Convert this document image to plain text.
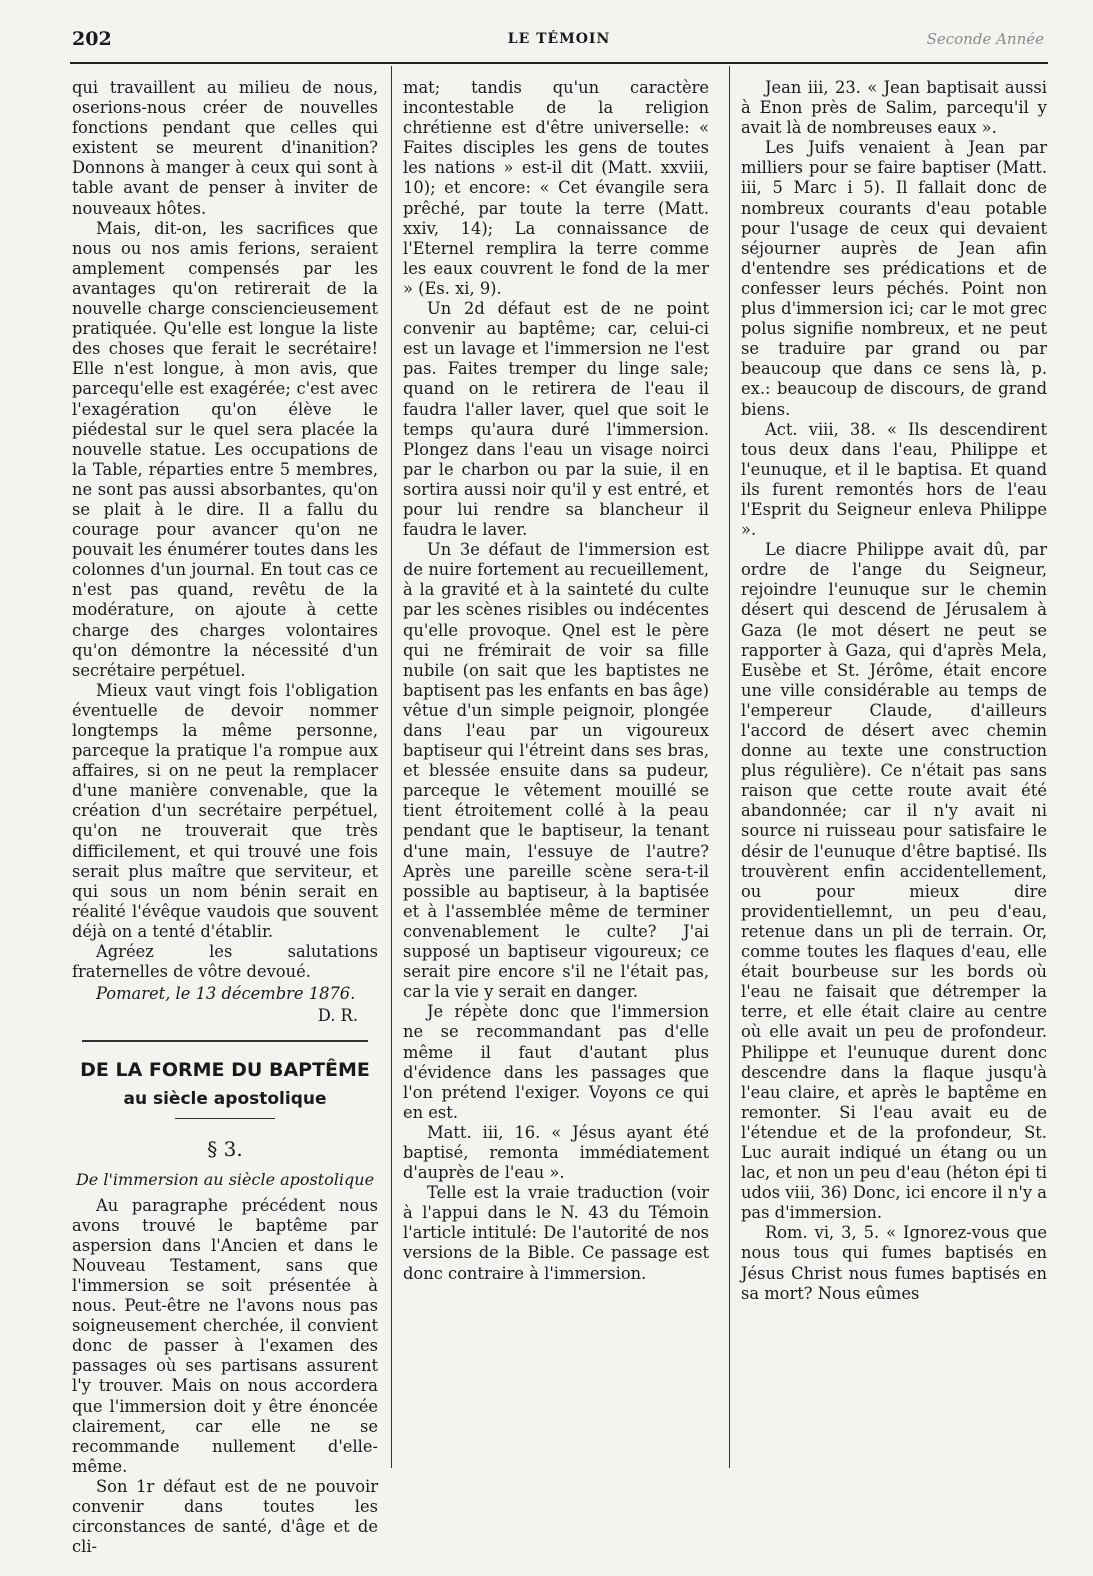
202	LE TÉMOIN	Seconde Année

qui travaillent au milieu de nous, oserions-nous créer de nouvelles fonctions pendant que celles qui existent se meurent d'inanition? Donnons à manger à ceux qui sont à table avant de penser à inviter de nouveaux hôtes.

Mais, dit-on, les sacrifices que nous ou nos amis ferions, seraient amplement compensés par les avantages qu'on retirerait de la nouvelle charge consciencieusement pratiquée. Qu'elle est longue la liste des choses que ferait le secrétaire! Elle n'est longue, à mon avis, que parcequ'elle est exagérée; c'est avec l'exagération qu'on élève le piédestal sur le quel sera placée la nouvelle statue. Les occupations de la Table, réparties entre 5 membres, ne sont pas aussi absorbantes, qu'on se plait à le dire. Il a fallu du courage pour avancer qu'on ne pouvait les énumérer toutes dans les colonnes d'un journal. En tout cas ce n'est pas quand, revêtu de la modérature, on ajoute à cette charge des charges volontaires qu'on démontre la nécessité d'un secrétaire perpétuel.

Mieux vaut vingt fois l'obligation éventuelle de devoir nommer longtemps la même personne, parceque la pratique l'a rompue aux affaires, si on ne peut la remplacer d'une manière convenable, que la création d'un secrétaire perpétuel, qu'on ne trouverait que très difficilement, et qui trouvé une fois serait plus maître que serviteur, et qui sous un nom bénin serait en réalité l'évêque vaudois que souvent déjà on a tenté d'établir.

Agréez les salutations fraternelles de vôtre devoué.

Pomaret, le 13 décembre 1876.

D. R.
DE LA FORME DU BAPTÊME
au siècle apostolique
§ 3.
De l'immersion au siècle apostolique

Au paragraphe précédent nous avons trouvé le baptême par aspersion dans l'Ancien et dans le Nouveau Testament, sans que l'immersion se soit présentée à nous. Peut-être ne l'avons nous pas soigneusement cherchée, il convient donc de passer à l'examen des passages où ses partisans assurent l'y trouver. Mais on nous accordera que l'immersion doit y être énoncée clairement, car elle ne se recommande nullement d'elle-même.

Son 1r défaut est de ne pouvoir convenir dans toutes les circonstances de santé, d'âge et de cli-

mat; tandis qu'un caractère incontestable de la religion chrétienne est d'être universelle: « Faites disciples les gens de toutes les nations » est-il dit (Matt. xxviii, 10); et encore: « Cet évangile sera prêché, par toute la terre (Matt. xxiv, 14); La connaissance de l'Eternel remplira la terre comme les eaux couvrent le fond de la mer » (Es. xi, 9).

Un 2d défaut est de ne point convenir au baptême; car, celui-ci est un lavage et l'immersion ne l'est pas. Faites tremper du linge sale; quand on le retirera de l'eau il faudra l'aller laver, quel que soit le temps qu'aura duré l'immersion. Plongez dans l'eau un visage noirci par le charbon ou par la suie, il en sortira aussi noir qu'il y est entré, et pour lui rendre sa blancheur il faudra le laver.

Un 3e défaut de l'immersion est de nuire fortement au recueillement, à la gravité et à la sainteté du culte par les scènes risibles ou indécentes qu'elle provoque. Qnel est le père qui ne frémirait de voir sa fille nubile (on sait que les baptistes ne baptisent pas les enfants en bas âge) vêtue d'un simple peignoir, plongée dans l'eau par un vigoureux baptiseur qui l'étreint dans ses bras, et blessée ensuite dans sa pudeur, parceque le vêtement mouillé se tient étroitement collé à la peau pendant que le baptiseur, la tenant d'une main, l'essuye de l'autre? Après une pareille scène sera-t-il possible au baptiseur, à la baptisée et à l'assemblée même de terminer convenablement le culte? J'ai supposé un baptiseur vigoureux; ce serait pire encore s'il ne l'était pas, car la vie y serait en danger.

Je répète donc que l'immersion ne se recommandant pas d'elle même il faut d'autant plus d'évidence dans les passages que l'on prétend l'exiger. Voyons ce qui en est.

Matt. iii, 16. « Jésus ayant été baptisé, remonta immédiatement d'auprès de l'eau ».

Telle est la vraie traduction (voir à l'appui dans le N. 43 du Témoin l'article intitulé: De l'autorité de nos versions de la Bible. Ce passage est donc contraire à l'immersion.

Jean iii, 23. « Jean baptisait aussi à Enon près de Salim, parcequ'il y avait là de nombreuses eaux ».

Les Juifs venaient à Jean par milliers pour se faire baptiser (Matt. iii, 5 Marc i 5). Il fallait donc de nombreux courants d'eau potable pour l'usage de ceux qui devaient séjourner auprès de Jean afin d'entendre ses prédications et de confesser leurs péchés. Point non plus d'immersion ici; car le mot grec polus signifie nombreux, et ne peut se traduire par grand ou par beaucoup que dans ce sens là, p. ex.: beaucoup de discours, de grand biens.

Act. viii, 38. « Ils descendirent tous deux dans l'eau, Philippe et l'eunuque, et il le baptisa. Et quand ils furent remontés hors de l'eau l'Esprit du Seigneur enleva Philippe ».

Le diacre Philippe avait dû, par ordre de l'ange du Seigneur, rejoindre l'eunuque sur le chemin désert qui descend de Jérusalem à Gaza (le mot désert ne peut se rapporter à Gaza, qui d'après Mela, Eusèbe et St. Jérôme, était encore une ville considérable au temps de l'empereur Claude, d'ailleurs l'accord de désert avec chemin donne au texte une construction plus régulière). Ce n'était pas sans raison que cette route avait été abandonnée; car il n'y avait ni source ni ruisseau pour satisfaire le désir de l'eunuque d'être baptisé. Ils trouvèrent enfin accidentellement, ou pour mieux dire providentiellemnt, un peu d'eau, retenue dans un pli de terrain. Or, comme toutes les flaques d'eau, elle était bourbeuse sur les bords où l'eau ne faisait que détremper la terre, et elle était claire au centre où elle avait un peu de profondeur. Philippe et l'eunuque durent donc descendre dans la flaque jusqu'à l'eau claire, et après le baptême en remonter. Si l'eau avait eu de l'étendue et de la profondeur, St. Luc aurait indiqué un étang ou un lac, et non un peu d'eau (héton épi ti udos viii, 36) Donc, ici encore il n'y a pas d'immersion.

Rom. vi, 3, 5. « Ignorez-vous que nous tous qui fumes baptisés en Jésus Christ nous fumes baptisés en sa mort? Nous eûmes
